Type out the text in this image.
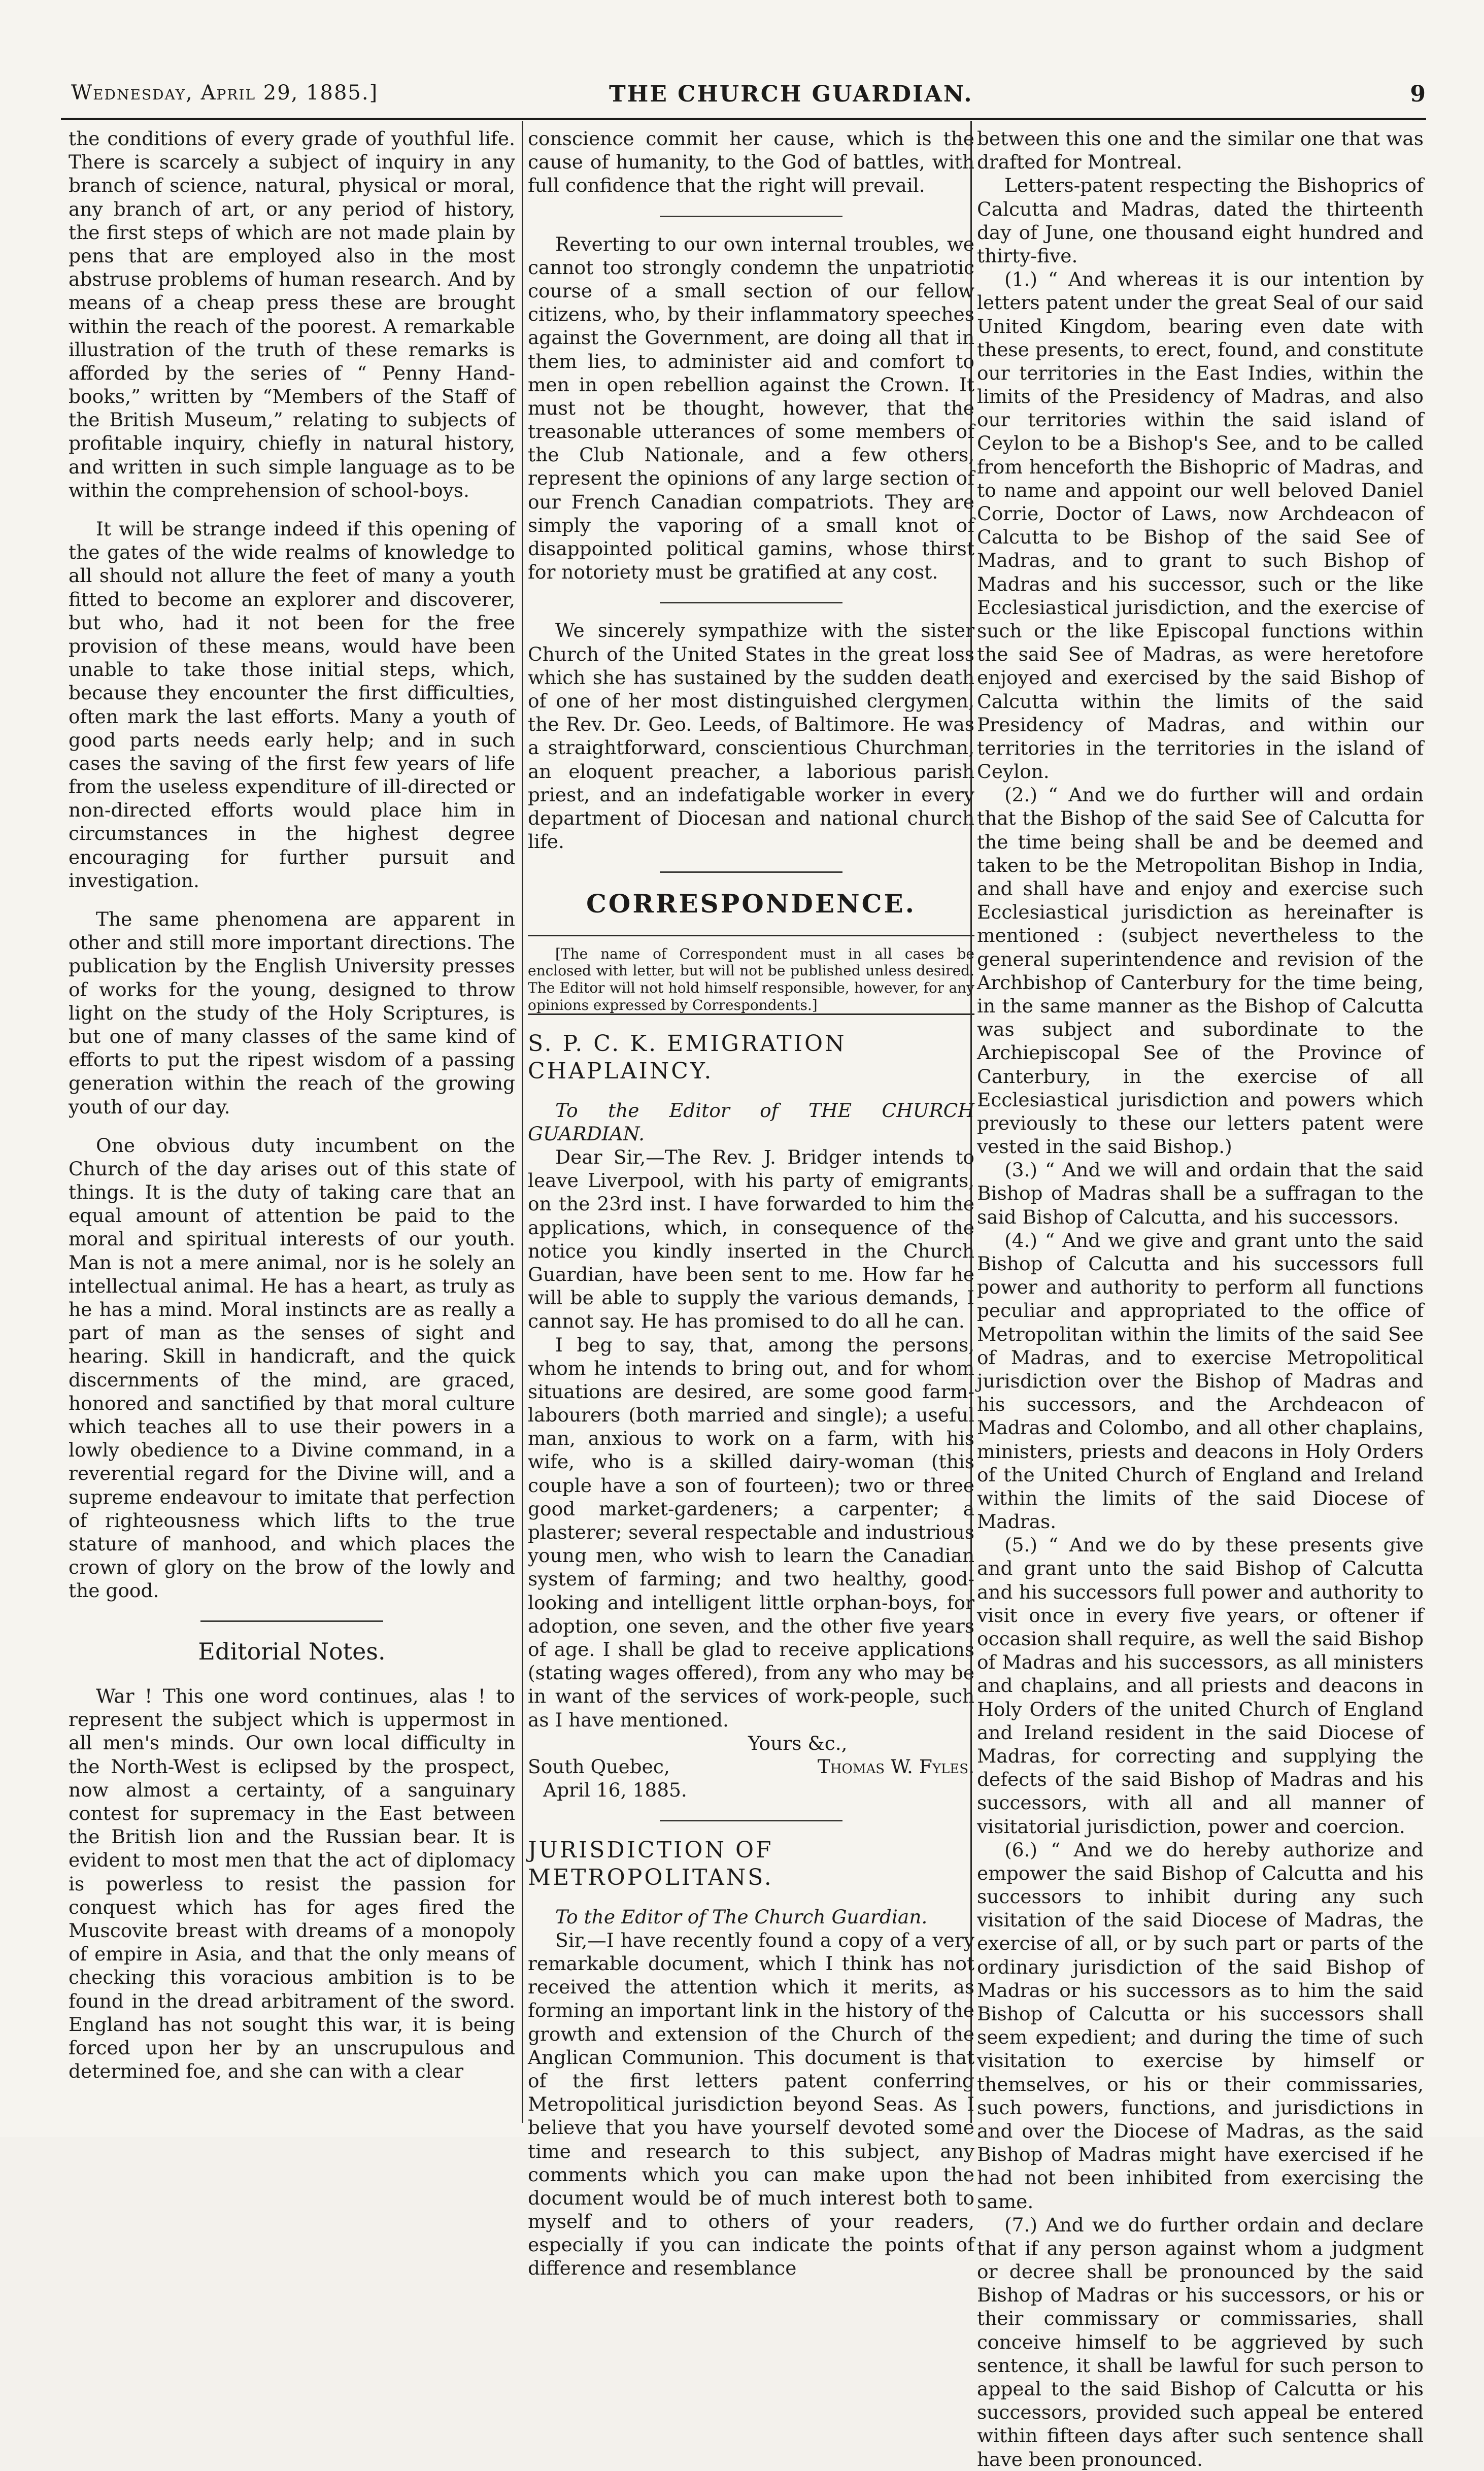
Wednesday, April 29, 1885.]	THE CHURCH GUARDIAN.	9

the conditions of every grade of youthful life. There is scarcely a subject of inquiry in any branch of science, natural, physical or moral, any branch of art, or any period of history, the first steps of which are not made plain by pens that are employed also in the most abstruse problems of human research. And by means of a cheap press these are brought within the reach of the poorest. A remarkable illustration of the truth of these remarks is afforded by the series of “ Penny Hand-books,” written by “Members of the Staff of the British Museum,” relating to subjects of profitable inquiry, chiefly in natural history, and written in such simple language as to be within the comprehension of school-boys.

It will be strange indeed if this opening of the gates of the wide realms of knowledge to all should not allure the feet of many a youth fitted to become an explorer and discoverer, but who, had it not been for the free provision of these means, would have been unable to take those initial steps, which, because they encounter the first difficulties, often mark the last efforts. Many a youth of good parts needs early help; and in such cases the saving of the first few years of life from the useless expenditure of ill-directed or non-directed efforts would place him in circumstances in the highest degree encouraging for further pursuit and investigation.

The same phenomena are apparent in other and still more important directions. The publication by the English University presses of works for the young, designed to throw light on the study of the Holy Scriptures, is but one of many classes of the same kind of efforts to put the ripest wisdom of a passing generation within the reach of the growing youth of our day.

One obvious duty incumbent on the Church of the day arises out of this state of things. It is the duty of taking care that an equal amount of attention be paid to the moral and spiritual interests of our youth. Man is not a mere animal, nor is he solely an intellectual animal. He has a heart, as truly as he has a mind. Moral instincts are as really a part of man as the senses of sight and hearing. Skill in handicraft, and the quick discernments of the mind, are graced, honored and sanctified by that moral culture which teaches all to use their powers in a lowly obedience to a Divine command, in a reverential regard for the Divine will, and a supreme endeavour to imitate that perfection of righteousness which lifts to the true stature of manhood, and which places the crown of glory on the brow of the lowly and the good.

Editorial Notes.

War ! This one word continues, alas ! to represent the subject which is uppermost in all men's minds. Our own local difficulty in the North-West is eclipsed by the prospect, now almost a certainty, of a sanguinary contest for supremacy in the East between the British lion and the Russian bear. It is evident to most men that the act of diplomacy is powerless to resist the passion for conquest which has for ages fired the Muscovite breast with dreams of a monopoly of empire in Asia, and that the only means of checking this voracious ambition is to be found in the dread arbitrament of the sword. England has not sought this war, it is being forced upon her by an unscrupulous and determined foe, and she can with a clear

conscience commit her cause, which is the cause of humanity, to the God of battles, with full confidence that the right will prevail.

Reverting to our own internal troubles, we cannot too strongly condemn the unpatriotic course of a small section of our fellow citizens, who, by their inflammatory speeches against the Government, are doing all that in them lies, to administer aid and comfort to men in open rebellion against the Crown. It must not be thought, however, that the treasonable utterances of some members of the Club Nationale, and a few others, represent the opinions of any large section of our French Canadian compatriots. They are simply the vaporing of a small knot of disappointed political gamins, whose thirst for notoriety must be gratified at any cost.

We sincerely sympathize with the sister Church of the United States in the great loss which she has sustained by the sudden death of one of her most distinguished clergymen, the Rev. Dr. Geo. Leeds, of Baltimore. He was a straightforward, conscientious Churchman, an eloquent preacher, a laborious parish priest, and an indefatigable worker in every department of Diocesan and national church life.

CORRESPONDENCE.

[The name of Correspondent must in all cases be enclosed with letter, but will not be published unless desired. The Editor will not hold himself responsible, however, for any opinions expressed by Correspondents.]

S. P. C. K. EMIGRATION CHAPLAINCY.

To the Editor of THE CHURCH GUARDIAN.

Dear Sir,—The Rev. J. Bridger intends to leave Liverpool, with his party of emigrants, on the 23rd inst. I have forwarded to him the applications, which, in consequence of the notice you kindly inserted in the Church Guardian, have been sent to me. How far he will be able to supply the various demands, I cannot say. He has promised to do all he can.

I beg to say, that, among the persons, whom he intends to bring out, and for whom situations are desired, are some good farm-labourers (both married and single); a useful man, anxious to work on a farm, with his wife, who is a skilled dairy-woman (this couple have a son of fourteen); two or three good market-gardeners; a carpenter; a plasterer; several respectable and industrious young men, who wish to learn the Canadian system of farming; and two healthy, good-looking and intelligent little orphan-boys, for adoption, one seven, and the other five years of age. I shall be glad to receive applications (stating wages offered), from any who may be in want of the services of work-people, such as I have mentioned.

Yours &c.,

South Quebec,	Thomas W. Fyles.

April 16, 1885.

JURISDICTION OF METROPOLITANS.

To the Editor of The Church Guardian.

Sir,—I have recently found a copy of a very remarkable document, which I think has not received the attention which it merits, as forming an important link in the history of the growth and extension of the Church of the Anglican Communion. This document is that of the first letters patent conferring Metropolitical jurisdiction beyond Seas. As I believe that you have yourself devoted some time and research to this subject, any comments which you can make upon the document would be of much interest both to myself and to others of your readers, especially if you can indicate the points of difference and resemblance

between this one and the similar one that was drafted for Montreal.

Letters-patent respecting the Bishoprics of Calcutta and Madras, dated the thirteenth day of June, one thousand eight hundred and thirty-five.

(1.) “ And whereas it is our intention by letters patent under the great Seal of our said United Kingdom, bearing even date with these presents, to erect, found, and constitute our territories in the East Indies, within the limits of the Presidency of Madras, and also our territories within the said island of Ceylon to be a Bishop's See, and to be called from henceforth the Bishopric of Madras, and to name and appoint our well beloved Daniel Corrie, Doctor of Laws, now Archdeacon of Calcutta to be Bishop of the said See of Madras, and to grant to such Bishop of Madras and his successor, such or the like Ecclesiastical jurisdiction, and the exercise of such or the like Episcopal functions within the said See of Madras, as were heretofore enjoyed and exercised by the said Bishop of Calcutta within the limits of the said Presidency of Madras, and within our territories in the territories in the island of Ceylon.

(2.) “ And we do further will and ordain that the Bishop of the said See of Calcutta for the time being shall be and be deemed and taken to be the Metropolitan Bishop in India, and shall have and enjoy and exercise such Ecclesiastical jurisdiction as hereinafter is mentioned : (subject nevertheless to the general superintendence and revision of the Archbishop of Canterbury for the time being, in the same manner as the Bishop of Calcutta was subject and subordinate to the Archiepiscopal See of the Province of Canterbury, in the exercise of all Ecclesiastical jurisdiction and powers which previously to these our letters patent were vested in the said Bishop.)

(3.) “ And we will and ordain that the said Bishop of Madras shall be a suffragan to the said Bishop of Calcutta, and his successors.

(4.) “ And we give and grant unto the said Bishop of Calcutta and his successors full power and authority to perform all functions peculiar and appropriated to the office of Metropolitan within the limits of the said See of Madras, and to exercise Metropolitical jurisdiction over the Bishop of Madras and his successors, and the Archdeacon of Madras and Colombo, and all other chaplains, ministers, priests and deacons in Holy Orders of the United Church of England and Ireland within the limits of the said Diocese of Madras.

(5.) “ And we do by these presents give and grant unto the said Bishop of Calcutta and his successors full power and authority to visit once in every five years, or oftener if occasion shall require, as well the said Bishop of Madras and his successors, as all ministers and chaplains, and all priests and deacons in Holy Orders of the united Church of England and Ireland resident in the said Diocese of Madras, for correcting and supplying the defects of the said Bishop of Madras and his successors, with all and all manner of visitatorial jurisdiction, power and coercion.

(6.) “ And we do hereby authorize and empower the said Bishop of Calcutta and his successors to inhibit during any such visitation of the said Diocese of Madras, the exercise of all, or by such part or parts of the ordinary jurisdiction of the said Bishop of Madras or his successors as to him the said Bishop of Calcutta or his successors shall seem expedient; and during the time of such visitation to exercise by himself or themselves, or his or their commissaries, such powers, functions, and jurisdictions in and over the Diocese of Madras, as the said Bishop of Madras might have exercised if he had not been inhibited from exercising the same.

(7.) And we do further ordain and declare that if any person against whom a judgment or decree shall be pronounced by the said Bishop of Madras or his successors, or his or their commissary or commissaries, shall conceive himself to be aggrieved by such sentence, it shall be lawful for such person to appeal to the said Bishop of Calcutta or his successors, provided such appeal be entered within fifteen days after such sentence shall have been pronounced.
